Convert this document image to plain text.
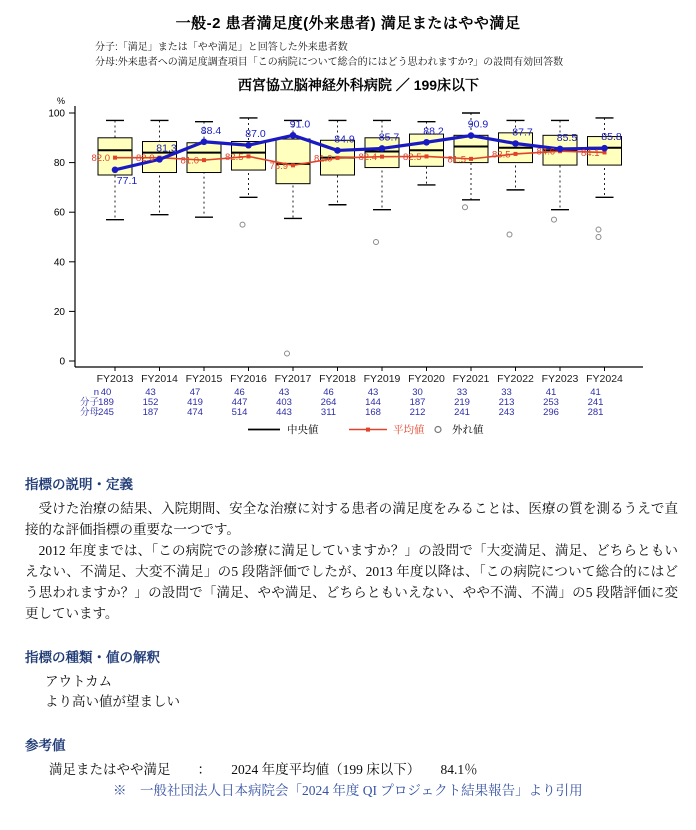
一般-2 患者満足度(外来患者) 満足またはやや満足
分子:「満足」または「やや満足」と回答した外来患者数
分母:外来患者への満足度調査項目「この病院について総合的にはどう思われますか?」の設問有効回答数
西宮協立脳神経外科病院 ／ 199床以下
0
20
40
60
80
100
%
FY2013 FY2014 FY2015 FY2016 FY2017 FY2018 FY2019 FY2020 FY2021 FY2022 FY2023 FY2024
82.0	82.0	81.0	82.5
78.9
81.9	82.4	82.5	81.5	83.5	84.6	84.1
77.1
81.3
88.4 87.0
91.0
84.9 85.7
88.2
90.9
87.7 85.5 85.8
n 40	43	47	46	43	46	43	30	33	33	41	41
分子 189	152	419	447	403	264	144	187	219	213	253	241
分母 245	187	474	514	443	311	168	212	241	243	296	281
中央値	平均値	外れ値
指標の説明・定義

　受けた治療の結果、入院期間、安全な治療に対する患者の満足度をみることは、医療の質を測るうえで直接的な評価指標の重要な一つです。

　2012 年度までは、「この病院での診療に満足していますか？」の設問で「大変満足、満足、どちらともいえない、不満足、大変不満足」の5 段階評価でしたが、2013 年度以降は、「この病院について総合的にはどう思われますか？」の設問で「満足、やや満足、どちらともいえない、やや不満、不満」の5 段階評価に変更しています。

指標の種類・値の解釈

アウトカム

より高い値が望ましい

参考値

満足またはやや満足　　：　　2024 年度平均値（199 床以下）　　84.1％

※　一般社団法人日本病院会「2024 年度 QI プロジェクト結果報告」より引用
